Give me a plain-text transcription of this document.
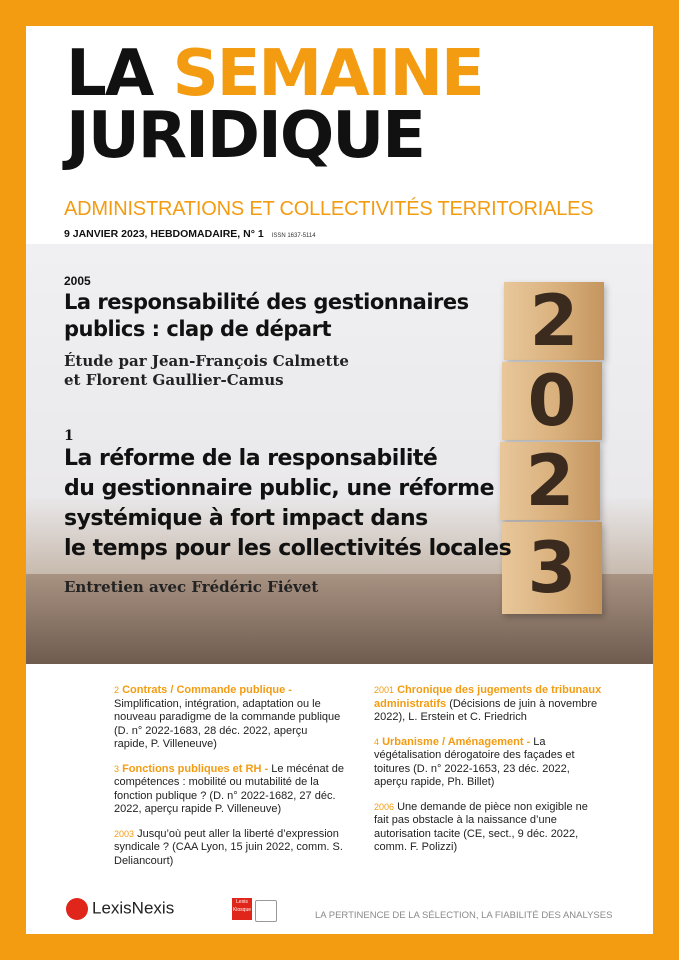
LA SEMAINE
JURIDIQUE
ADMINISTRATIONS ET COLLECTIVITÉS TERRITORIALES
9 JANVIER 2023, HEBDOMADAIRE, N° 1 ISSN 1637-5114
2
0
2
3
2005
La responsabilité des gestionnaires
publics : clap de départ
Étude par Jean-François Calmette
et Florent Gaullier-Camus
1
La réforme de la responsabilité
du gestionnaire public, une réforme
systémique à fort impact dans
le temps pour les collectivités locales
Entretien avec Frédéric Fiévet
2 Contrats / Commande publique - Simplification, intégration, adaptation ou le nouveau paradigme de la commande publique (D. n° 2022-1683, 28 déc. 2022, aperçu rapide, P. Villeneuve)
3 Fonctions publiques et RH - Le mécénat de compétences : mobilité ou mutabilité de la fonction publique ? (D. n° 2022-1682, 27 déc. 2022, aperçu rapide P. Villeneuve)
2003 Jusqu’où peut aller la liberté d’expression syndicale ? (CAA Lyon, 15 juin 2022, comm. S. Deliancourt)
2001 Chronique des jugements de tribunaux administratifs (Décisions de juin à novembre 2022), L. Erstein et C. Friedrich
4 Urbanisme / Aménagement - La végétalisation dérogatoire des façades et toitures (D. n° 2022-1653, 23 déc. 2022, aperçu rapide, Ph. Billet)
2006 Une demande de pièce non exigible ne fait pas obstacle à la naissance d’une autorisation tacite (CE, sect., 9 déc. 2022, comm. F. Polizzi)
LexisNexis	Lexis
Kiosque	LA PERTINENCE DE LA SÉLECTION, LA FIABILITÉ DES ANALYSES
